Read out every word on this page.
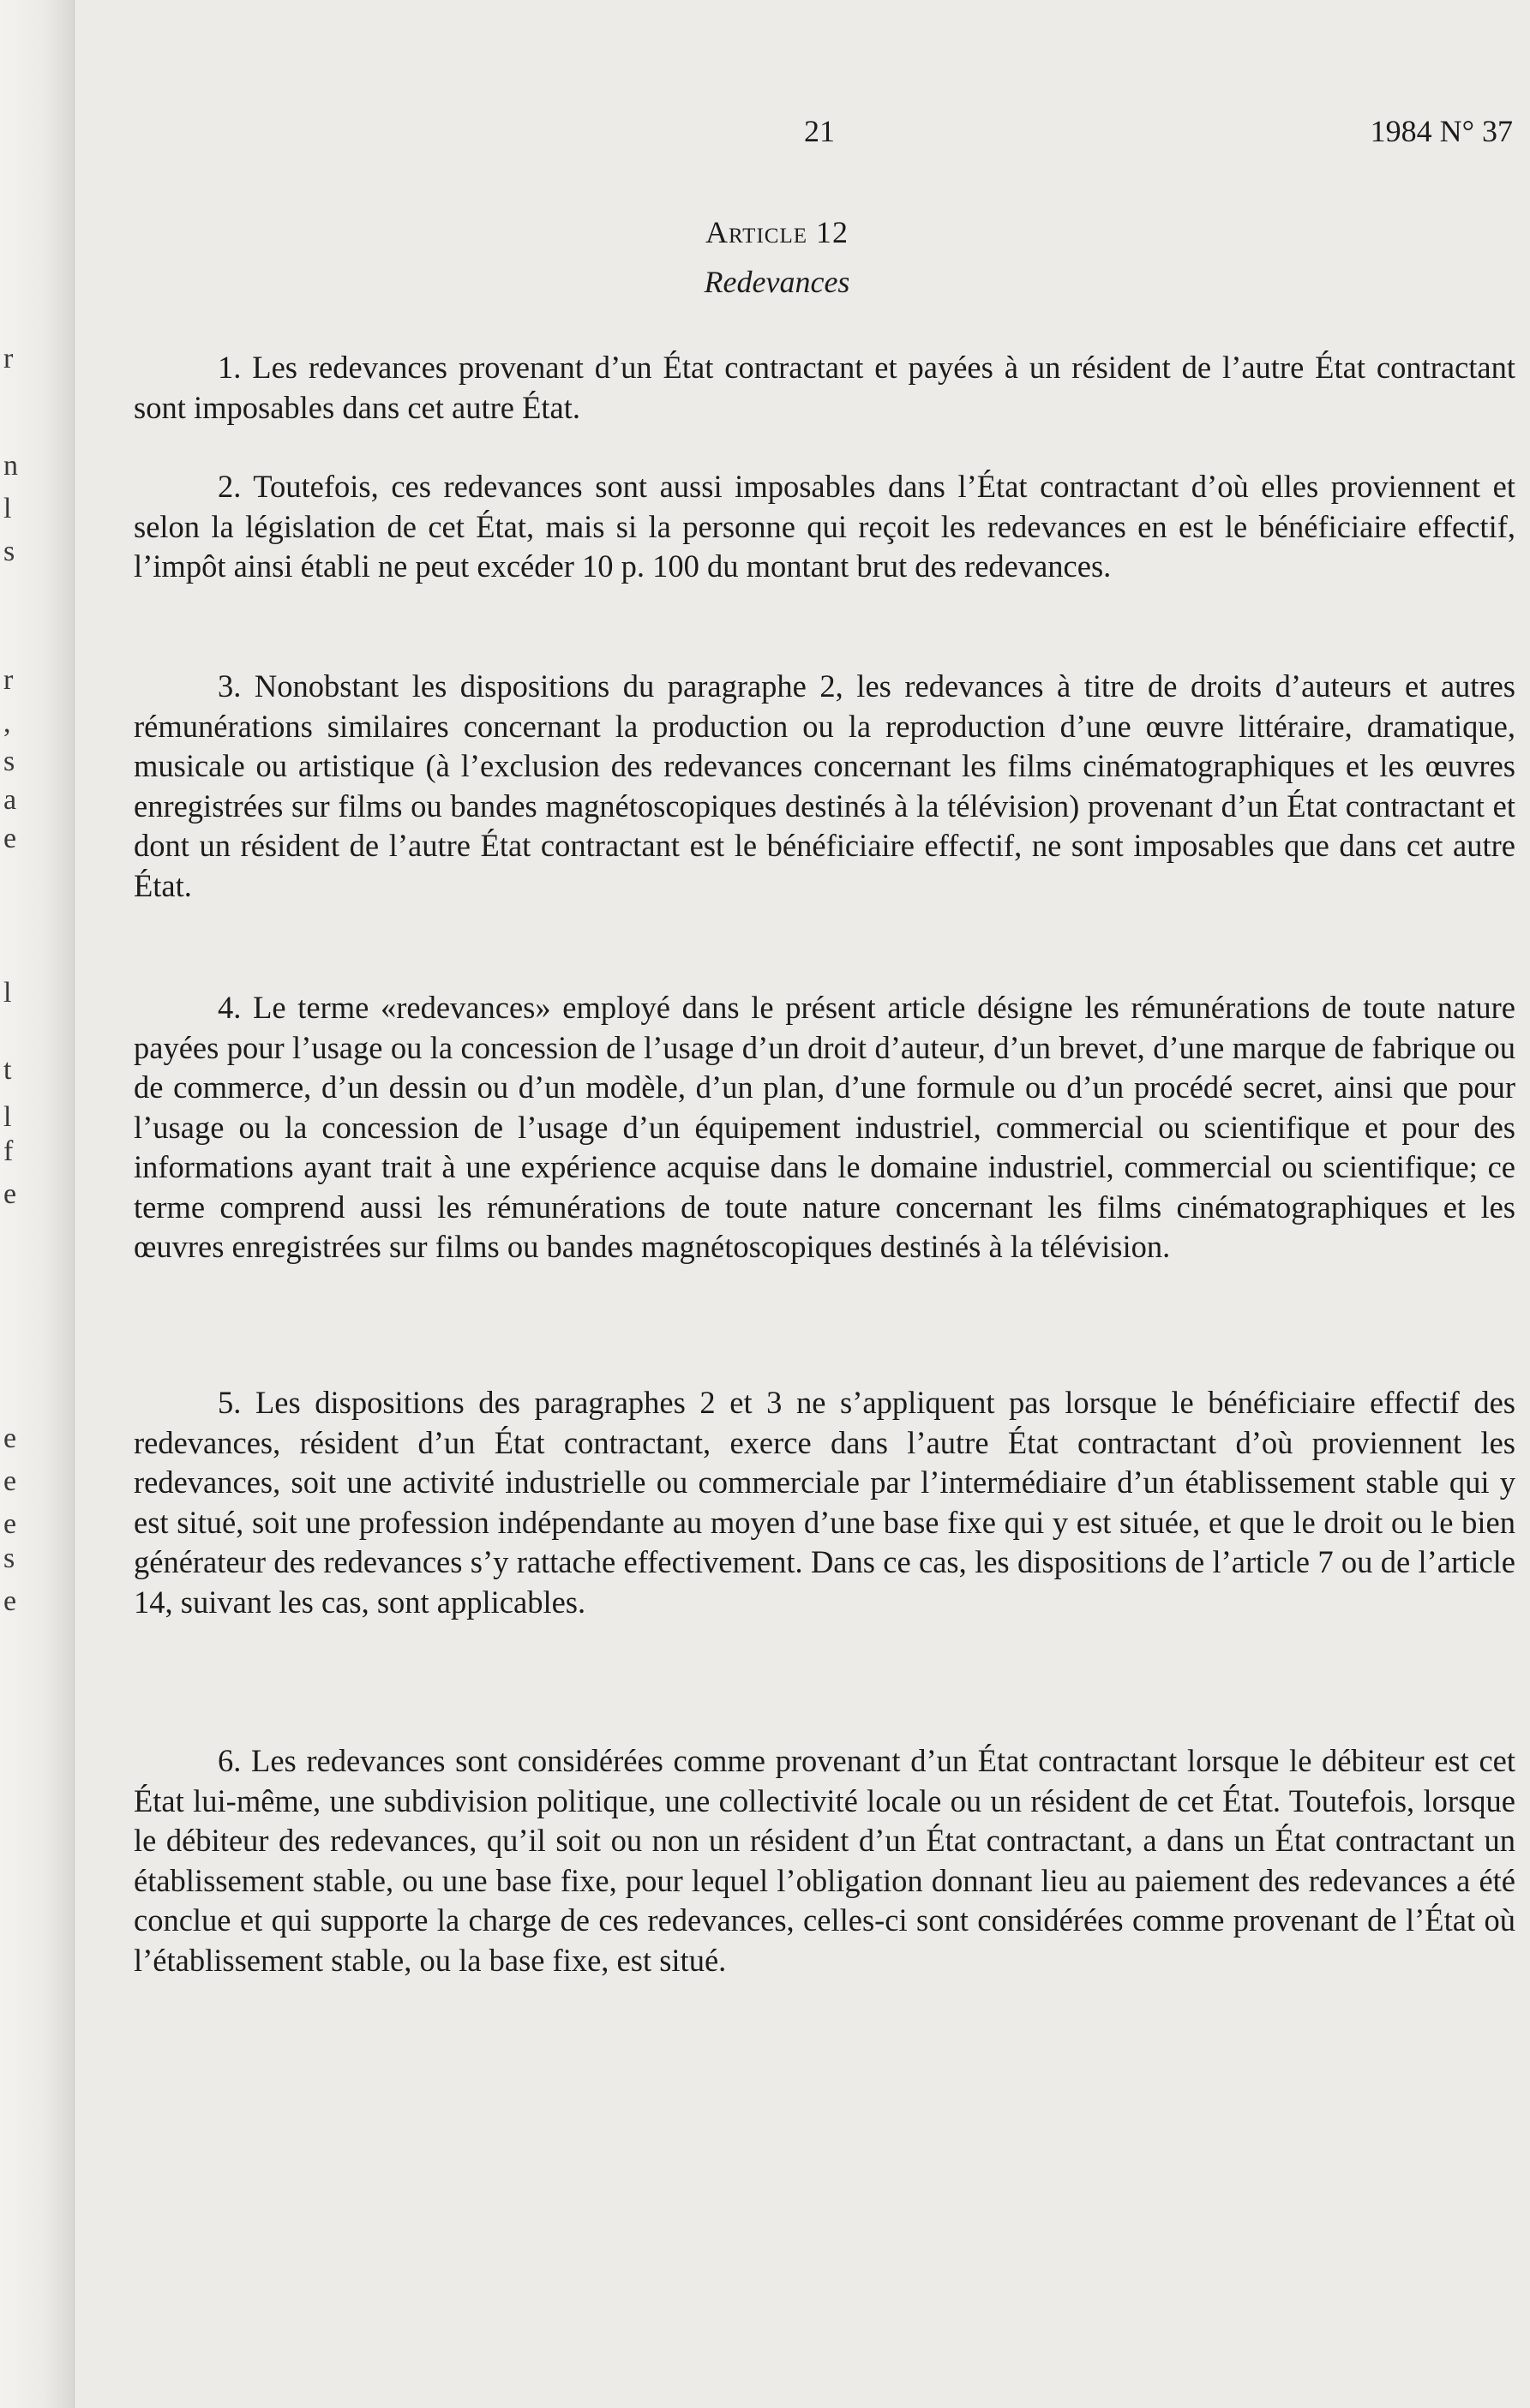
r
n
l
s
r
,
s
a
e
l
t
l
f
e
e
e
e
s
e
21	1984 N° 37
Article 12
Redevances

1. Les redevances provenant d’un État contractant et payées à un résident de l’autre État contractant sont imposables dans cet autre État.

2. Toutefois, ces redevances sont aussi imposables dans l’État contractant d’où elles proviennent et selon la législation de cet État, mais si la personne qui reçoit les redevances en est le bénéficiaire effectif, l’impôt ainsi établi ne peut excéder 10 p. 100 du montant brut des redevances.

3. Nonobstant les dispositions du paragraphe 2, les redevances à titre de droits d’auteurs et autres rémunérations similaires concernant la production ou la reproduction d’une œuvre littéraire, dramatique, musicale ou artistique (à l’exclusion des redevances concernant les films cinématographiques et les œuvres enregistrées sur films ou bandes magnétoscopiques destinés à la télévision) provenant d’un État contractant et dont un résident de l’autre État contractant est le bénéficiaire effectif, ne sont imposables que dans cet autre État.

4. Le terme «redevances» employé dans le présent article désigne les rémunérations de toute nature payées pour l’usage ou la concession de l’usage d’un droit d’auteur, d’un brevet, d’une marque de fabrique ou de commerce, d’un dessin ou d’un modèle, d’un plan, d’une formule ou d’un procédé secret, ainsi que pour l’usage ou la concession de l’usage d’un équipement industriel, commercial ou scientifique et pour des informations ayant trait à une expérience acquise dans le domaine industriel, commercial ou scientifique; ce terme comprend aussi les rémunérations de toute nature concernant les films cinématographiques et les œuvres enregistrées sur films ou bandes magnétoscopiques destinés à la télévision.

5. Les dispositions des paragraphes 2 et 3 ne s’appliquent pas lorsque le bénéficiaire effectif des redevances, résident d’un État contractant, exerce dans l’autre État contractant d’où proviennent les redevances, soit une activité industrielle ou commerciale par l’intermédiaire d’un établissement stable qui y est situé, soit une profession indépendante au moyen d’une base fixe qui y est située, et que le droit ou le bien générateur des redevances s’y rattache effectivement. Dans ce cas, les dispositions de l’article 7 ou de l’article 14, suivant les cas, sont applicables.

6. Les redevances sont considérées comme provenant d’un État contractant lorsque le débiteur est cet État lui-même, une subdivision politique, une collectivité locale ou un résident de cet État. Toutefois, lorsque le débiteur des redevances, qu’il soit ou non un résident d’un État contractant, a dans un État contractant un établissement stable, ou une base fixe, pour lequel l’obligation donnant lieu au paiement des redevances a été conclue et qui supporte la charge de ces redevances, celles-ci sont considérées comme provenant de l’État où l’établissement stable, ou la base fixe, est situé.
